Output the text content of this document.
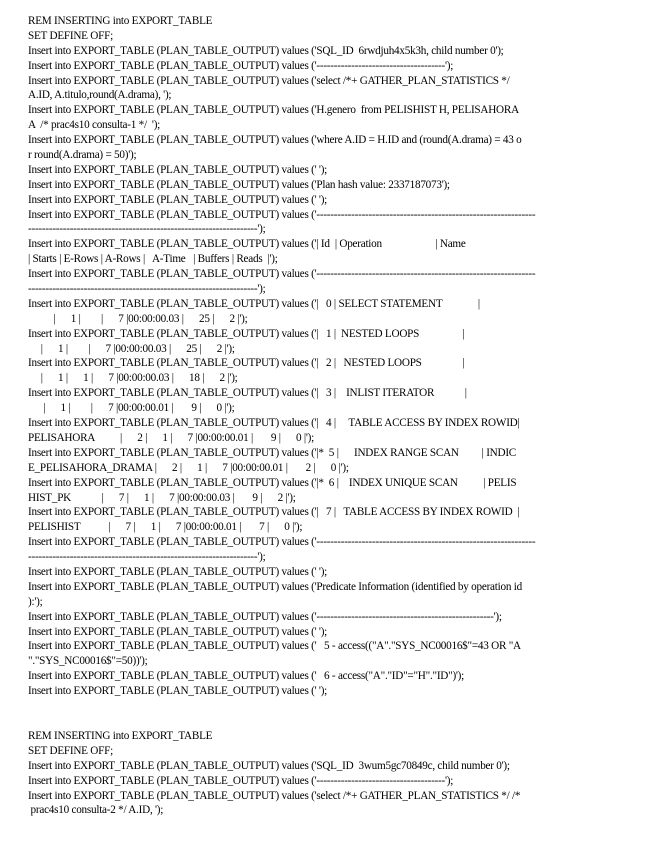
REM INSERTING into EXPORT_TABLE
SET DEFINE OFF;
Insert into EXPORT_TABLE (PLAN_TABLE_OUTPUT) values ('SQL_ID  6rwdjuh4x5k3h, child number 0');
Insert into EXPORT_TABLE (PLAN_TABLE_OUTPUT) values ('-------------------------------------');
Insert into EXPORT_TABLE (PLAN_TABLE_OUTPUT) values ('select /*+ GATHER_PLAN_STATISTICS */
A.ID, A.titulo,round(A.drama), ');
Insert into EXPORT_TABLE (PLAN_TABLE_OUTPUT) values ('H.genero  from PELISHIST H, PELISAHORA
A  /* prac4s10 consulta-1 */  ');
Insert into EXPORT_TABLE (PLAN_TABLE_OUTPUT) values ('where A.ID = H.ID and (round(A.drama) = 43 o
r round(A.drama) = 50)');
Insert into EXPORT_TABLE (PLAN_TABLE_OUTPUT) values (' ');
Insert into EXPORT_TABLE (PLAN_TABLE_OUTPUT) values ('Plan hash value: 2337187073');
Insert into EXPORT_TABLE (PLAN_TABLE_OUTPUT) values (' ');
Insert into EXPORT_TABLE (PLAN_TABLE_OUTPUT) values ('---------------------------------------------------------------
------------------------------------------------------------------');
Insert into EXPORT_TABLE (PLAN_TABLE_OUTPUT) values ('| Id  | Operation                     | Name
| Starts | E-Rows | A-Rows |   A-Time   | Buffers | Reads  |');
Insert into EXPORT_TABLE (PLAN_TABLE_OUTPUT) values ('---------------------------------------------------------------
------------------------------------------------------------------');
Insert into EXPORT_TABLE (PLAN_TABLE_OUTPUT) values ('|   0 | SELECT STATEMENT              |
|      1 |        |      7 |00:00:00.03 |      25 |      2 |');
Insert into EXPORT_TABLE (PLAN_TABLE_OUTPUT) values ('|   1 |  NESTED LOOPS                 |
|      1 |        |      7 |00:00:00.03 |      25 |      2 |');
Insert into EXPORT_TABLE (PLAN_TABLE_OUTPUT) values ('|   2 |   NESTED LOOPS                |
|      1 |      1 |      7 |00:00:00.03 |      18 |      2 |');
Insert into EXPORT_TABLE (PLAN_TABLE_OUTPUT) values ('|   3 |    INLIST ITERATOR            |
|      1 |        |      7 |00:00:00.01 |       9 |      0 |');
Insert into EXPORT_TABLE (PLAN_TABLE_OUTPUT) values ('|   4 |     TABLE ACCESS BY INDEX ROWID|
PELISAHORA          |      2 |      1 |      7 |00:00:00.01 |       9 |      0 |');
Insert into EXPORT_TABLE (PLAN_TABLE_OUTPUT) values ('|*  5 |      INDEX RANGE SCAN         | INDIC
E_PELISAHORA_DRAMA |      2 |      1 |      7 |00:00:00.01 |       2 |      0 |');
Insert into EXPORT_TABLE (PLAN_TABLE_OUTPUT) values ('|*  6 |    INDEX UNIQUE SCAN          | PELIS
HIST_PK            |      7 |      1 |      7 |00:00:00.03 |       9 |      2 |');
Insert into EXPORT_TABLE (PLAN_TABLE_OUTPUT) values ('|   7 |   TABLE ACCESS BY INDEX ROWID  |
PELISHIST           |      7 |      1 |      7 |00:00:00.01 |       7 |      0 |');
Insert into EXPORT_TABLE (PLAN_TABLE_OUTPUT) values ('---------------------------------------------------------------
------------------------------------------------------------------');
Insert into EXPORT_TABLE (PLAN_TABLE_OUTPUT) values (' ');
Insert into EXPORT_TABLE (PLAN_TABLE_OUTPUT) values ('Predicate Information (identified by operation id
):');
Insert into EXPORT_TABLE (PLAN_TABLE_OUTPUT) values ('---------------------------------------------------');
Insert into EXPORT_TABLE (PLAN_TABLE_OUTPUT) values (' ');
Insert into EXPORT_TABLE (PLAN_TABLE_OUTPUT) values ('   5 - access(("A"."SYS_NC00016$"=43 OR "A
"."SYS_NC00016$"=50))');
Insert into EXPORT_TABLE (PLAN_TABLE_OUTPUT) values ('   6 - access("A"."ID"="H"."ID")');
Insert into EXPORT_TABLE (PLAN_TABLE_OUTPUT) values (' ');
REM INSERTING into EXPORT_TABLE
SET DEFINE OFF;
Insert into EXPORT_TABLE (PLAN_TABLE_OUTPUT) values ('SQL_ID  3wum5gc70849c, child number 0');
Insert into EXPORT_TABLE (PLAN_TABLE_OUTPUT) values ('-------------------------------------');
Insert into EXPORT_TABLE (PLAN_TABLE_OUTPUT) values ('select /*+ GATHER_PLAN_STATISTICS */ /*
prac4s10 consulta-2 */ A.ID, ');
